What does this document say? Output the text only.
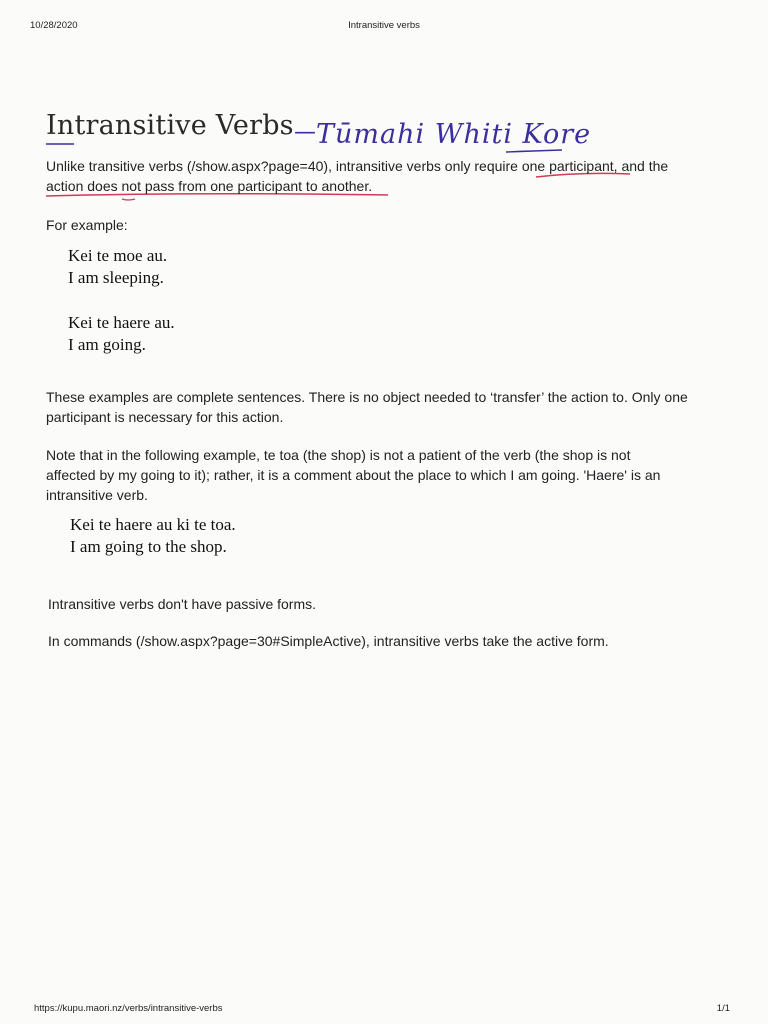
10/28/2020	Intransitive verbs
Intransitive Verbs — Tūmahi Whiti Kore

Unlike transitive verbs (/show.aspx?page=40), intransitive verbs only require one participant, and the
action does not pass from one participant to another.

For example:

Kei te moe au.
I am sleeping.
Kei te haere au.
I am going.

These examples are complete sentences. There is no object needed to ‘transfer’ the action to. Only one
participant is necessary for this action.

Note that in the following example, te toa (the shop) is not a patient of the verb (the shop is not
affected by my going to it); rather, it is a comment about the place to which I am going. 'Haere' is an
intransitive verb.

Kei te haere au ki te toa.
I am going to the shop.

Intransitive verbs don't have passive forms.

In commands (/show.aspx?page=30#SimpleActive), intransitive verbs take the active form.

https://kupu.maori.nz/verbs/intransitive-verbs	1/1
